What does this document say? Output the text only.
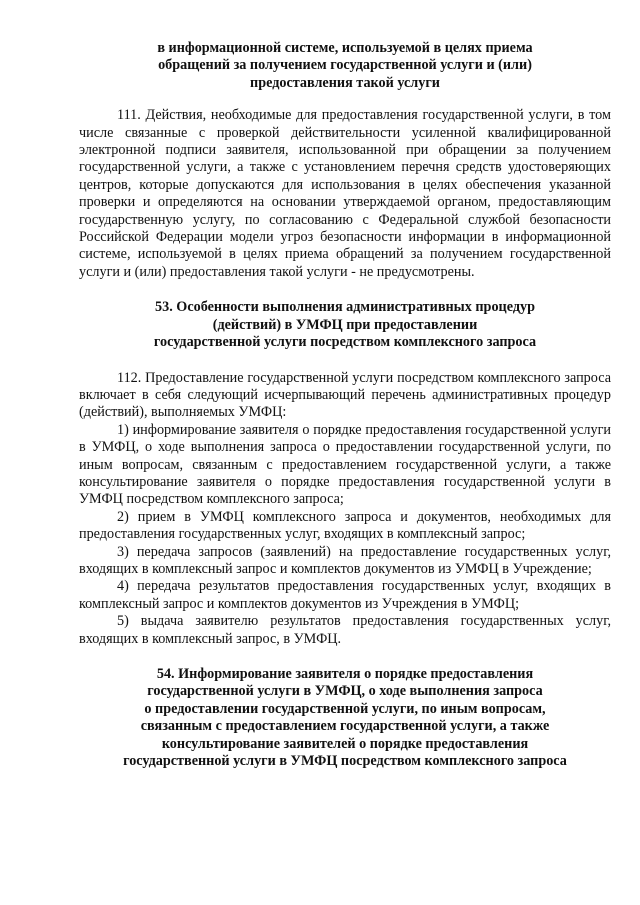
в информационной системе, используемой в целях приема
обращений за получением государственной услуги и (или)
предоставления такой услуги

111. Действия, необходимые для предоставления государственной услуги, в том числе связанные с проверкой действительности усиленной квалифицированной электронной подписи заявителя, использованной при обращении за получением государственной услуги, а также с установлением перечня средств удостоверяющих центров, которые допускаются для использования в целях обеспечения указанной проверки и определяются на основании утверждаемой органом, предоставляющим государственную услугу, по согласованию с Федеральной службой безопасности Российской Федерации модели угроз безопасности информации в информационной системе, используемой в целях приема обращений за получением государственной услуги и (или) предоставления такой услуги - не предусмотрены.

53. Особенности выполнения административных процедур
(действий) в УМФЦ при предоставлении
государственной услуги посредством комплексного запроса

112. Предоставление государственной услуги посредством комплексного запроса включает в себя следующий исчерпывающий перечень административных процедур (действий), выполняемых УМФЦ:

1) информирование заявителя о порядке предоставления государственной услуги в УМФЦ, о ходе выполнения запроса о предоставлении государственной услуги, по иным вопросам, связанным с предоставлением государственной услуги, а также консультирование заявителя о порядке предоставления государственной услуги в УМФЦ посредством комплексного запроса;

2) прием в УМФЦ комплексного запроса и документов, необходимых для предоставления государственных услуг, входящих в комплексный запрос;

3) передача запросов (заявлений) на предоставление государственных услуг, входящих в комплексный запрос и комплектов документов из УМФЦ в Учреждение;

4) передача результатов предоставления государственных услуг, входящих в комплексный запрос и комплектов документов из Учреждения в УМФЦ;

5) выдача заявителю результатов предоставления государственных услуг, входящих в комплексный запрос, в УМФЦ.

54. Информирование заявителя о порядке предоставления
государственной услуги в УМФЦ, о ходе выполнения запроса
о предоставлении государственной услуги, по иным вопросам,
связанным с предоставлением государственной услуги, а также
консультирование заявителей о порядке предоставления
государственной услуги в УМФЦ посредством комплексного запроса
